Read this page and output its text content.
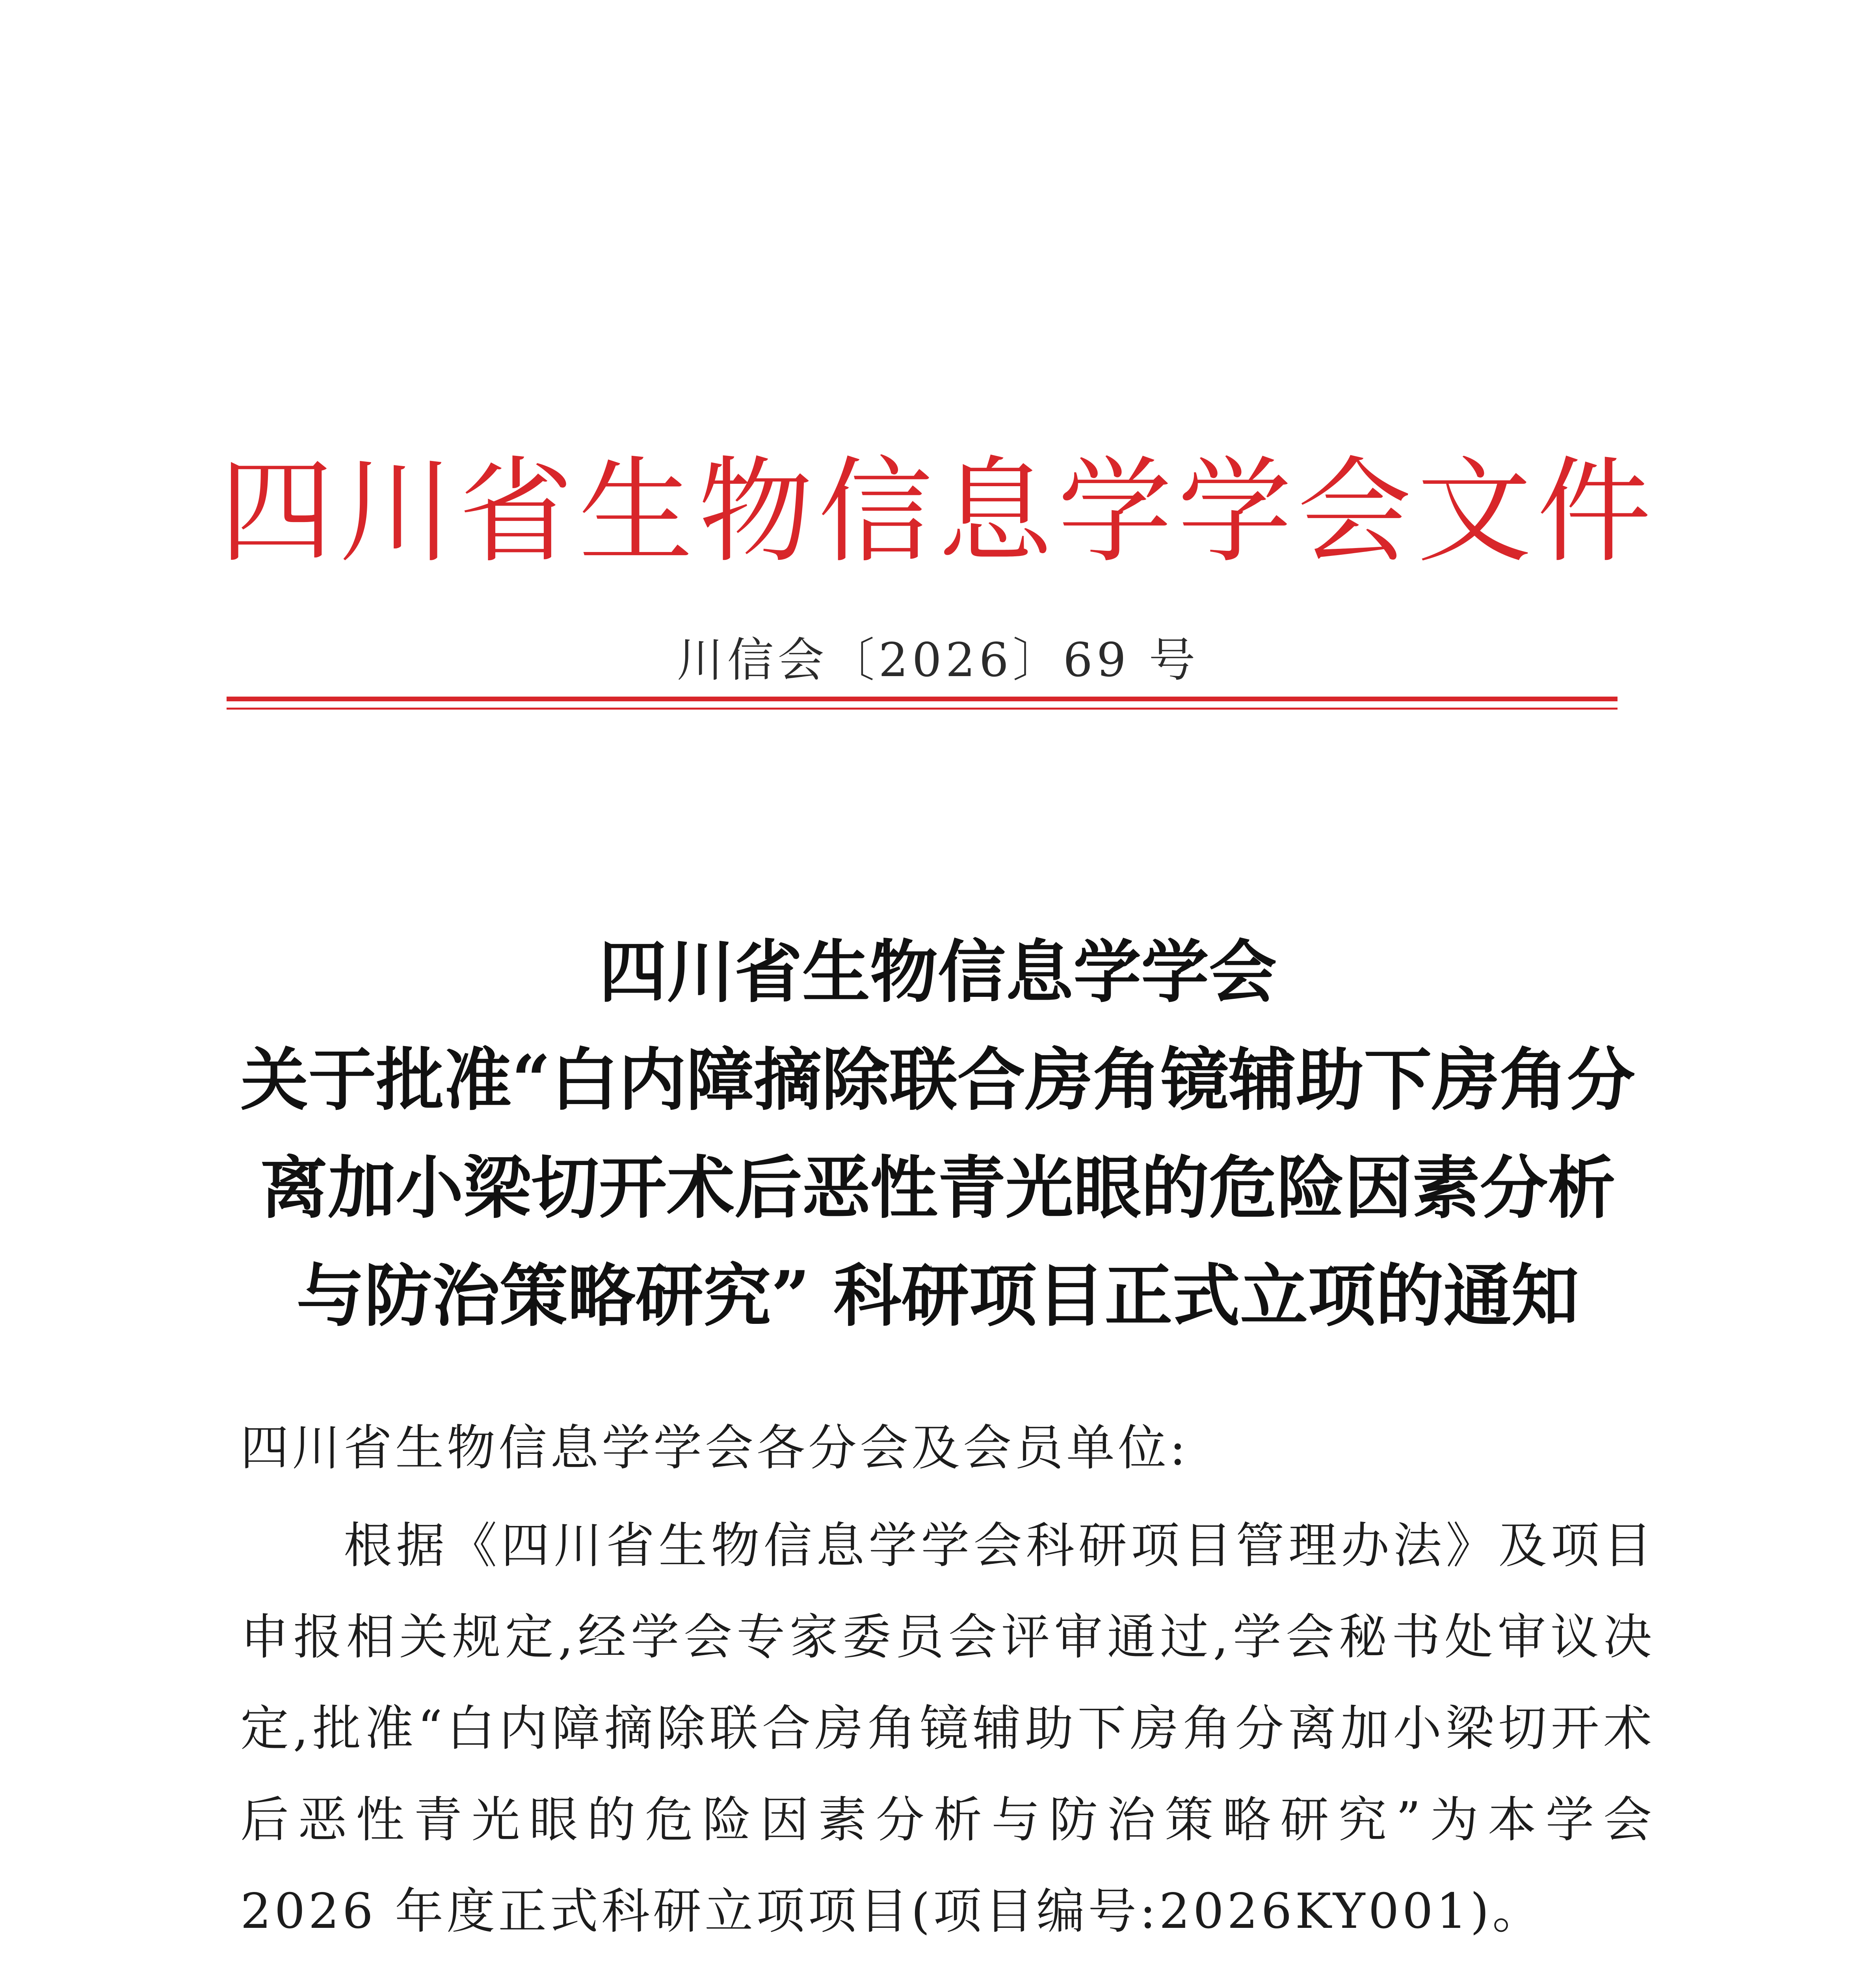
四川省生物信息学学会文件
川信会〔2026〕69 号
四川省生物信息学学会
关于批准“白内障摘除联合房角镜辅助下房角分
离加小梁切开术后恶性青光眼的危险因素分析
与防治策略研究” 科研项目正式立项的通知

四川省生物信息学学会各分会及会员单位:

根据《四川省生物信息学学会科研项目管理办法》及项目申报相关规定,经学会专家委员会评审通过,学会秘书处审议决定,批准“白内障摘除联合房角镜辅助下房角分离加小梁切开术后恶性青光眼的危险因素分析与防治策略研究”为本学会 2026 年度正式科研立项项目(项目编号:2026KY001)。
